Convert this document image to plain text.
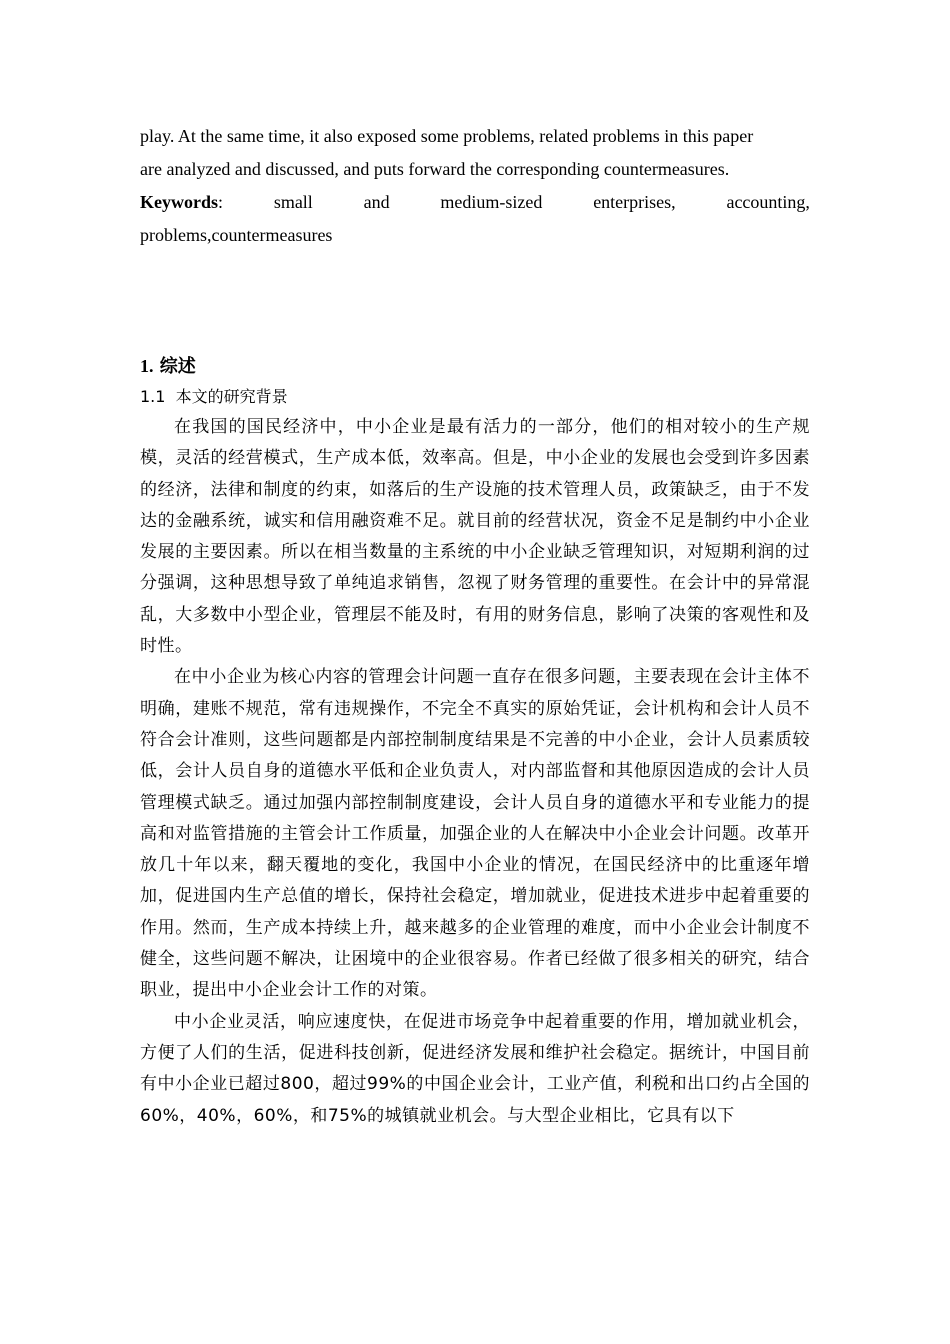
play. At the same time, it also exposed some problems, related problems in this paper

are analyzed and discussed, and puts forward the corresponding countermeasures.

Keywords:	small	and	medium-sized	enterprises,	accounting,

problems,countermeasures

1. 综述

1.1 本文的研究背景

在我国的国民经济中，中小企业是最有活力的一部分，他们的相对较小的生产规模，灵活的经营模式，生产成本低，效率高。但是，中小企业的发展也会受到许多因素的经济，法律和制度的约束，如落后的生产设施的技术管理人员，政策缺乏，由于不发达的金融系统，诚实和信用融资难不足。就目前的经营状况，资金不足是制约中小企业发展的主要因素。所以在相当数量的主系统的中小企业缺乏管理知识，对短期利润的过分强调，这种思想导致了单纯追求销售，忽视了财务管理的重要性。在会计中的异常混乱，大多数中小型企业，管理层不能及时，有用的财务信息，影响了决策的客观性和及时性。

在中小企业为核心内容的管理会计问题一直存在很多问题，主要表现在会计主体不明确，建账不规范，常有违规操作，不完全不真实的原始凭证，会计机构和会计人员不符合会计准则，这些问题都是内部控制制度结果是不完善的中小企业，会计人员素质较低，会计人员自身的道德水平低和企业负责人，对内部监督和其他原因造成的会计人员管理模式缺乏。通过加强内部控制制度建设，会计人员自身的道德水平和专业能力的提高和对监管措施的主管会计工作质量，加强企业的人在解决中小企业会计问题。改革开放几十年以来，翻天覆地的变化，我国中小企业的情况，在国民经济中的比重逐年增加，促进国内生产总值的增长，保持社会稳定，增加就业，促进技术进步中起着重要的作用。然而，生产成本持续上升，越来越多的企业管理的难度，而中小企业会计制度不健全，这些问题不解决，让困境中的企业很容易。作者已经做了很多相关的研究，结合职业，提出中小企业会计工作的对策。

中小企业灵活，响应速度快，在促进市场竞争中起着重要的作用，增加就业机会，方便了人们的生活，促进科技创新，促进经济发展和维护社会稳定。据统计，中国目前有中小企业已超过800，超过99%的中国企业会计，工业产值，利税和出口约占全国的60%，40%，60%，和75%的城镇就业机会。与大型企业相比，它具有以下
